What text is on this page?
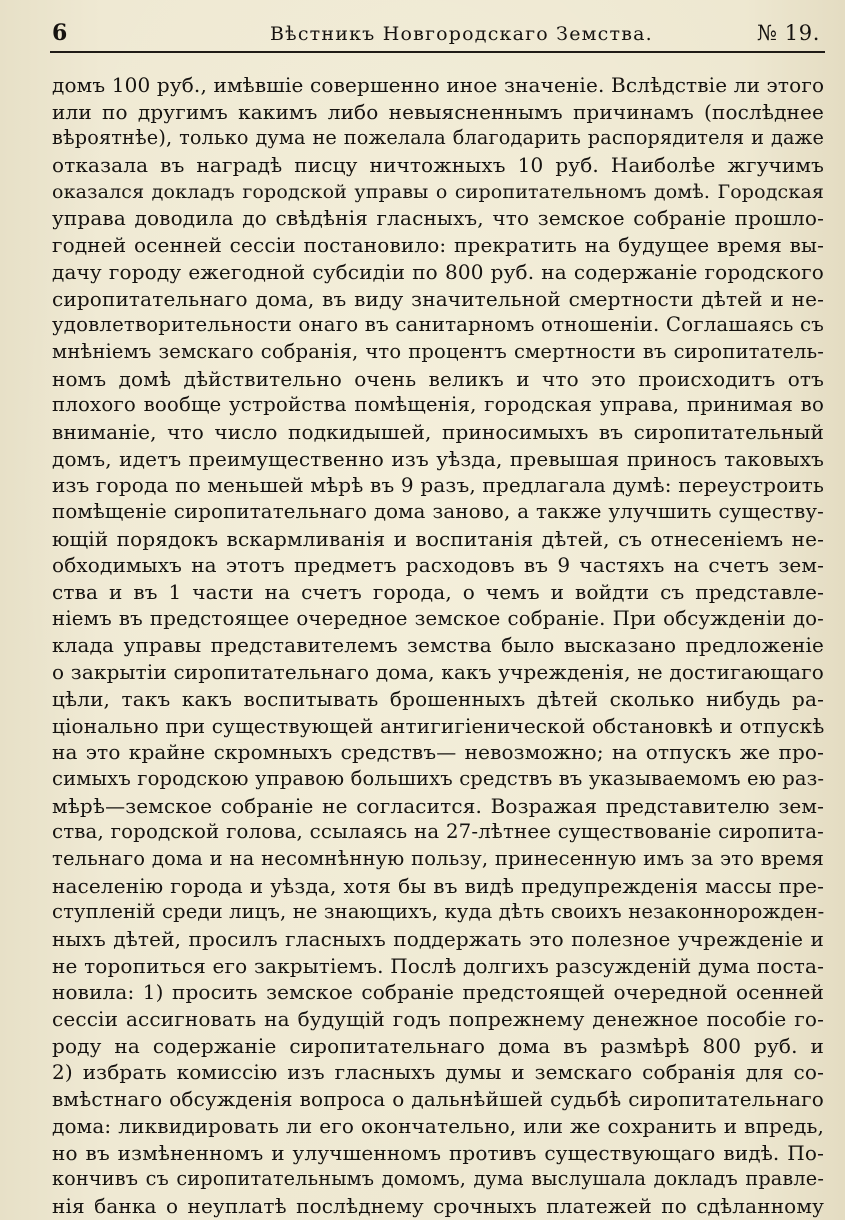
6	Вѣстникъ Новгородскаго Земства.	№ 19.
домъ 100 руб., имѣвшіе совершенно иное значеніе. Вслѣдствіе ли этого
или по другимъ какимъ либо невыясненнымъ причинамъ (послѣднее
вѣроятнѣе), только дума не пожелала благодарить распорядителя и даже
отказала въ наградѣ писцу ничтожныхъ 10 руб. Наиболѣе жгучимъ
оказался докладъ городской управы о сиропитательномъ домѣ. Городская
управа доводила до свѣдѣнія гласныхъ, что земское собраніе прошло-
годней осенней сессіи постановило: прекратить на будущее время вы-
дачу городу ежегодной субсидіи по 800 руб. на содержаніе городского
сиропитательнаго дома, въ виду значительной смертности дѣтей и не-
удовлетворительности онаго въ санитарномъ отношеніи. Соглашаясь съ
мнѣніемъ земскаго собранія, что процентъ смертности въ сиропитатель-
номъ домѣ дѣйствительно очень великъ и что это происходитъ отъ
плохого вообще устройства помѣщенія, городская управа, принимая во
вниманіе, что число подкидышей, приносимыхъ въ сиропитательный
домъ, идетъ преимущественно изъ уѣзда, превышая приносъ таковыхъ
изъ города по меньшей мѣрѣ въ 9 разъ, предлагала думѣ: переустроить
помѣщеніе сиропитательнаго дома заново, а также улучшить существу-
ющій порядокъ вскармливанія и воспитанія дѣтей, съ отнесеніемъ не-
обходимыхъ на этотъ предметъ расходовъ въ 9 частяхъ на счетъ зем-
ства и въ 1 части на счетъ города, о чемъ и войдти съ представле-
ніемъ въ предстоящее очередное земское собраніе. При обсужденіи до-
клада управы представителемъ земства было высказано предложеніе
о закрытіи сиропитательнаго дома, какъ учрежденія, не достигающаго
цѣли, такъ какъ воспитывать брошенныхъ дѣтей сколько нибудь ра-
ціонально при существующей антигигіенической обстановкѣ и отпускѣ
на это крайне скромныхъ средствъ— невозможно; на отпускъ же про-
симыхъ городскою управою большихъ средствъ въ указываемомъ ею раз-
мѣрѣ—земское собраніе не согласится. Возражая представителю зем-
ства, городской голова, ссылаясь на 27-лѣтнее существованіе сиропита-
тельнаго дома и на несомнѣнную пользу, принесенную имъ за это время
населенію города и уѣзда, хотя бы въ видѣ предупрежденія массы пре-
ступленій среди лицъ, не знающихъ, куда дѣть своихъ незаконнорожден-
ныхъ дѣтей, просилъ гласныхъ поддержать это полезное учрежденіе и
не торопиться его закрытіемъ. Послѣ долгихъ разсужденій дума поста-
новила: 1) просить земское собраніе предстоящей очередной осенней
сессіи ассигновать на будущій годъ попрежнему денежное пособіе го-
роду на содержаніе сиропитательнаго дома въ размѣрѣ 800 руб. и
2) избрать комиссію изъ гласныхъ думы и земскаго собранія для со-
вмѣстнаго обсужденія вопроса о дальнѣйшей судьбѣ сиропитательнаго
дома: ликвидировать ли его окончательно, или же сохранить и впредь,
но въ измѣненномъ и улучшенномъ противъ существующаго видѣ. По-
кончивъ съ сиропитательнымъ домомъ, дума выслушала докладъ правле-
нія банка о неуплатѣ послѣднему срочныхъ платежей по сдѣланному
